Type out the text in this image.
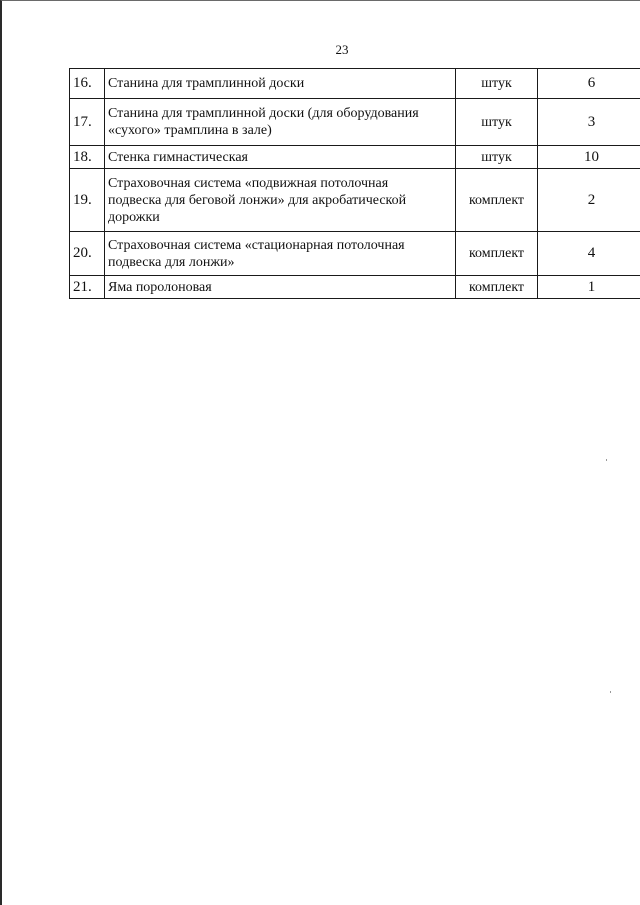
23
16.	Станина для трамплинной доски	штук	6
17.	Станина для трамплинной доски (для оборудования «сухого» трамплина в зале)	штук	3
18.	Стенка гимнастическая	штук	10
19.	Страховочная система «подвижная потолочная подвеска для беговой лонжи» для акробатической дорожки	комплект	2
20.	Страховочная система «стационарная потолочная подвеска для лонжи»	комплект	4
21.	Яма поролоновая	комплект	1
